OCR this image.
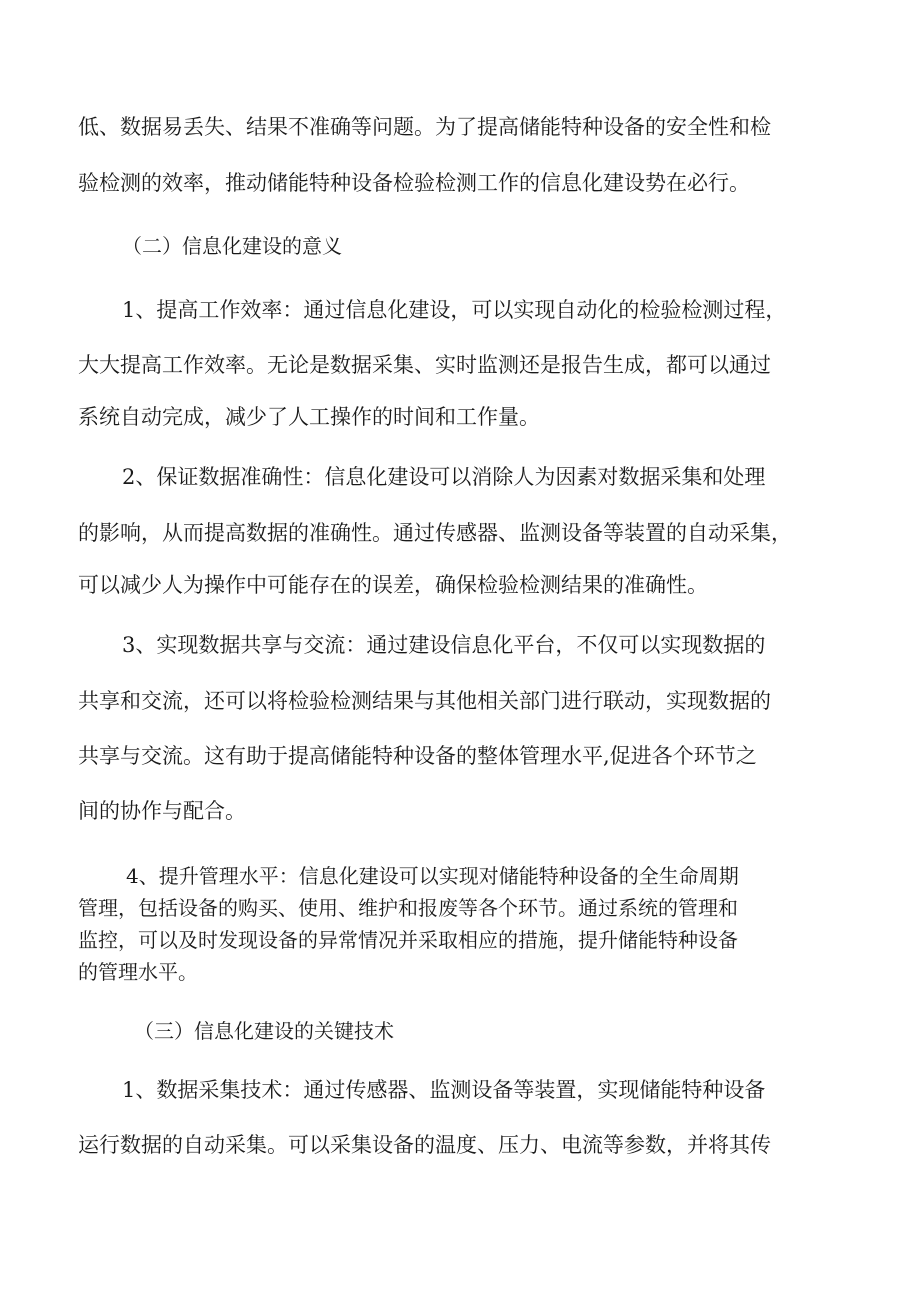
低、数据易丢失、结果不准确等问题。为了提高储能特种设备的安全性和检
验检测的效率，推动储能特种设备检验检测工作的信息化建设势在必行。
（二）信息化建设的意义
1、提高工作效率：通过信息化建设，可以实现自动化的检验检测过程，
大大提高工作效率。无论是数据采集、实时监测还是报告生成，都可以通过
系统自动完成，减少了人工操作的时间和工作量。
2、保证数据准确性：信息化建设可以消除人为因素对数据采集和处理
的影响，从而提高数据的准确性。通过传感器、监测设备等装置的自动采集，
可以减少人为操作中可能存在的误差，确保检验检测结果的准确性。
3、实现数据共享与交流：通过建设信息化平台，不仅可以实现数据的
共享和交流，还可以将检验检测结果与其他相关部门进行联动，实现数据的
共享与交流。这有助于提高储能特种设备的整体管理水平,促进各个环节之
间的协作与配合。
4、提升管理水平：信息化建设可以实现对储能特种设备的全生命周期
管理，包括设备的购买、使用、维护和报废等各个环节。通过系统的管理和
监控，可以及时发现设备的异常情况并采取相应的措施，提升储能特种设备
的管理水平。
（三）信息化建设的关键技术
1、数据采集技术：通过传感器、监测设备等装置，实现储能特种设备
运行数据的自动采集。可以采集设备的温度、压力、电流等参数，并将其传
